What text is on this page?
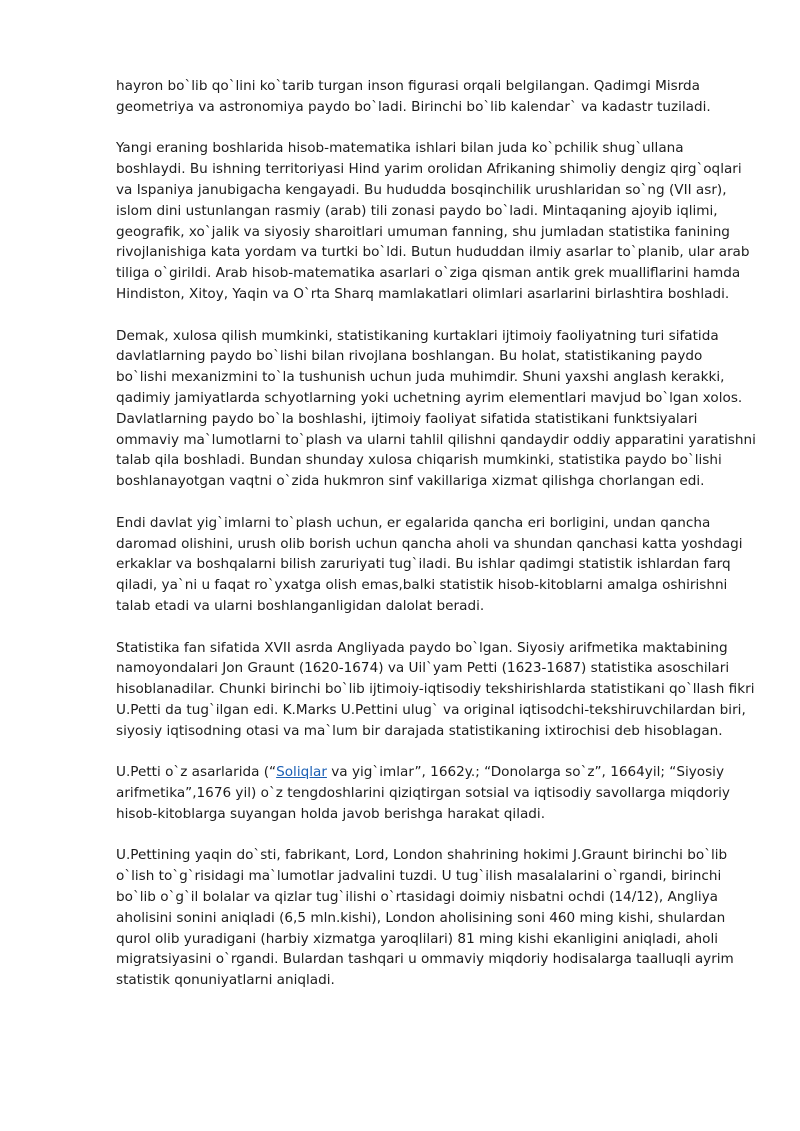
hayron bo`lib qo`lini ko`tarib turgan inson figurasi orqali belgilangan. Qadimgi Misrda geometriya va astronomiya paydo bo`ladi. Birinchi bo`lib kalendar` va kadastr tuziladi.

Yangi eraning boshlarida hisob-matematika ishlari bilan juda ko`pchilik shug`ullana boshlaydi. Bu ishning territoriyasi Hind yarim orolidan Afrikaning shimoliy dengiz qirg`oqlari va Ispaniya janubigacha kengayadi. Bu hududda bosqinchilik urushlaridan so`ng (VII asr), islom dini ustunlangan rasmiy (arab) tili zonasi paydo bo`ladi. Mintaqaning ajoyib iqlimi, geografik, xo`jalik va siyosiy sharoitlari umuman fanning, shu jumladan statistika fanining rivojlanishiga kata yordam va turtki bo`ldi. Butun hududdan ilmiy asarlar to`planib, ular arab tiliga o`girildi. Arab hisob-matematika asarlari o`ziga qisman antik grek mualliflarini hamda Hindiston, Xitoy, Yaqin va O`rta Sharq mamlakatlari olimlari asarlarini birlashtira boshladi.

Demak, xulosa qilish mumkinki, statistikaning kurtaklari ijtimoiy faoliyatning turi sifatida davlatlarning paydo bo`lishi bilan rivojlana boshlangan. Bu holat, statistikaning paydo bo`lishi mexanizmini to`la tushunish uchun juda muhimdir. Shuni yaxshi anglash kerakki, qadimiy jamiyatlarda schyotlarning yoki uchetning ayrim elementlari mavjud bo`lgan xolos. Davlatlarning paydo bo`la boshlashi, ijtimoiy faoliyat sifatida statistikani funktsiyalari ommaviy ma`lumotlarni to`plash va ularni tahlil qilishni qandaydir oddiy apparatini yaratishni talab qila boshladi. Bundan shunday xulosa chiqarish mumkinki, statistika paydo bo`lishi boshlanayotgan vaqtni o`zida hukmron sinf vakillariga xizmat qilishga chorlangan edi.

Endi davlat yig`imlarni to`plash uchun, er egalarida qancha eri borligini, undan qancha daromad olishini, urush olib borish uchun qancha aholi va shundan qanchasi katta yoshdagi erkaklar va boshqalarni bilish zaruriyati tug`iladi. Bu ishlar qadimgi statistik ishlardan farq qiladi, ya`ni u faqat ro`yxatga olish emas,balki statistik hisob-kitoblarni amalga oshirishni talab etadi va ularni boshlanganligidan dalolat beradi.

Statistika fan sifatida XVII asrda Angliyada paydo bo`lgan. Siyosiy arifmetika maktabining namoyondalari Jon Graunt (1620-1674) va Uil`yam Petti (1623-1687) statistika asoschilari hisoblanadilar. Chunki birinchi bo`lib ijtimoiy-iqtisodiy tekshirishlarda statistikani qo`llash fikri U.Petti da tug`ilgan edi. K.Marks U.Pettini ulug` va original iqtisodchi-tekshiruvchilardan biri, siyosiy iqtisodning otasi va ma`lum bir darajada statistikaning ixtirochisi deb hisoblagan.

U.Petti o`z asarlarida (“Soliqlar va yig`imlar”, 1662y.; “Donolarga so`z”, 1664yil; “Siyosiy arifmetika”,1676 yil) o`z tengdoshlarini qiziqtirgan sotsial va iqtisodiy savollarga miqdoriy hisob-kitoblarga suyangan holda javob berishga harakat qiladi.

U.Pettining yaqin do`sti, fabrikant, Lord, London shahrining hokimi J.Graunt birinchi bo`lib o`lish to`g`risidagi ma`lumotlar jadvalini tuzdi. U tug`ilish masalalarini o`rgandi, birinchi bo`lib o`g`il bolalar va qizlar tug`ilishi o`rtasidagi doimiy nisbatni ochdi (14/12), Angliya aholisini sonini aniqladi (6,5 mln.kishi), London aholisining soni 460 ming kishi, shulardan qurol olib yuradigani (harbiy xizmatga yaroqlilari) 81 ming kishi ekanligini aniqladi, aholi migratsiyasini o`rgandi. Bulardan tashqari u ommaviy miqdoriy hodisalarga taalluqli ayrim statistik qonuniyatlarni aniqladi.
